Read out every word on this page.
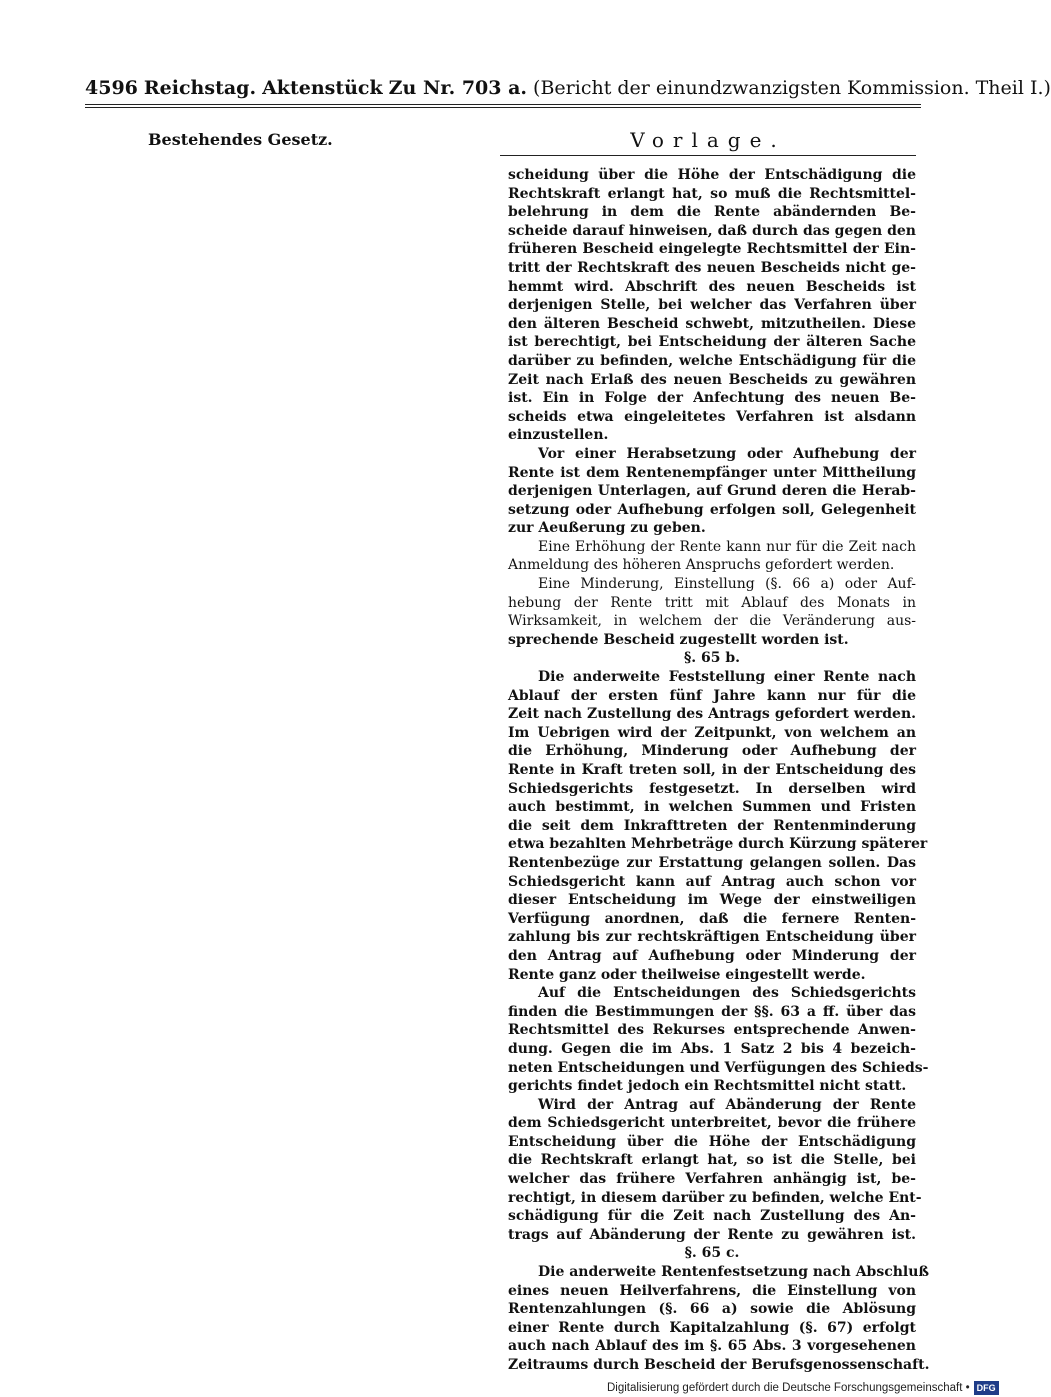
4596 Reichstag. Aktenstück Zu Nr. 703 a. (Bericht der einundzwanzigsten Kommission. Theil I.)
Bestehendes Gesetz.	Vorlage.
scheidung über die Höhe der Entschädigung die
Rechtskraft erlangt hat, so muß die Rechtsmittel-
belehrung in dem die Rente abändernden Be-
scheide darauf hinweisen, daß durch das gegen den
früheren Bescheid eingelegte Rechtsmittel der Ein-
tritt der Rechtskraft des neuen Bescheids nicht ge-
hemmt wird. Abschrift des neuen Bescheids ist
derjenigen Stelle, bei welcher das Verfahren über
den älteren Bescheid schwebt, mitzutheilen. Diese
ist berechtigt, bei Entscheidung der älteren Sache
darüber zu befinden, welche Entschädigung für die
Zeit nach Erlaß des neuen Bescheids zu gewähren
ist. Ein in Folge der Anfechtung des neuen Be-
scheids etwa eingeleitetes Verfahren ist alsdann
einzustellen.
Vor einer Herabsetzung oder Aufhebung der
Rente ist dem Rentenempfänger unter Mittheilung
derjenigen Unterlagen, auf Grund deren die Herab-
setzung oder Aufhebung erfolgen soll, Gelegenheit
zur Aeußerung zu geben.
Eine Erhöhung der Rente kann nur für die Zeit nach
Anmeldung des höheren Anspruchs gefordert werden.
Eine Minderung, Einstellung (§. 66 a) oder Auf-
hebung der Rente tritt mit Ablauf des Monats in
Wirksamkeit, in welchem der die Veränderung aus-
sprechende Bescheid zugestellt worden ist.
§. 65 b.
Die anderweite Feststellung einer Rente nach
Ablauf der ersten fünf Jahre kann nur für die
Zeit nach Zustellung des Antrags gefordert werden.
Im Uebrigen wird der Zeitpunkt, von welchem an
die Erhöhung, Minderung oder Aufhebung der
Rente in Kraft treten soll, in der Entscheidung des
Schiedsgerichts festgesetzt. In derselben wird
auch bestimmt, in welchen Summen und Fristen
die seit dem Inkrafttreten der Rentenminderung
etwa bezahlten Mehrbeträge durch Kürzung späterer
Rentenbezüge zur Erstattung gelangen sollen. Das
Schiedsgericht kann auf Antrag auch schon vor
dieser Entscheidung im Wege der einstweiligen
Verfügung anordnen, daß die fernere Renten-
zahlung bis zur rechtskräftigen Entscheidung über
den Antrag auf Aufhebung oder Minderung der
Rente ganz oder theilweise eingestellt werde.
Auf die Entscheidungen des Schiedsgerichts
finden die Bestimmungen der §§. 63 a ff. über das
Rechtsmittel des Rekurses entsprechende Anwen-
dung. Gegen die im Abs. 1 Satz 2 bis 4 bezeich-
neten Entscheidungen und Verfügungen des Schieds-
gerichts findet jedoch ein Rechtsmittel nicht statt.
Wird der Antrag auf Abänderung der Rente
dem Schiedsgericht unterbreitet, bevor die frühere
Entscheidung über die Höhe der Entschädigung
die Rechtskraft erlangt hat, so ist die Stelle, bei
welcher das frühere Verfahren anhängig ist, be-
rechtigt, in diesem darüber zu befinden, welche Ent-
schädigung für die Zeit nach Zustellung des An-
trags auf Abänderung der Rente zu gewähren ist.
§. 65 c.
Die anderweite Rentenfestsetzung nach Abschluß
eines neuen Heilverfahrens, die Einstellung von
Rentenzahlungen (§. 66 a) sowie die Ablösung
einer Rente durch Kapitalzahlung (§. 67) erfolgt
auch nach Ablauf des im §. 65 Abs. 3 vorgesehenen
Zeitraums durch Bescheid der Berufsgenossenschaft.
Digitalisierung gefördert durch die Deutsche Forschungsgemeinschaft • DFG
